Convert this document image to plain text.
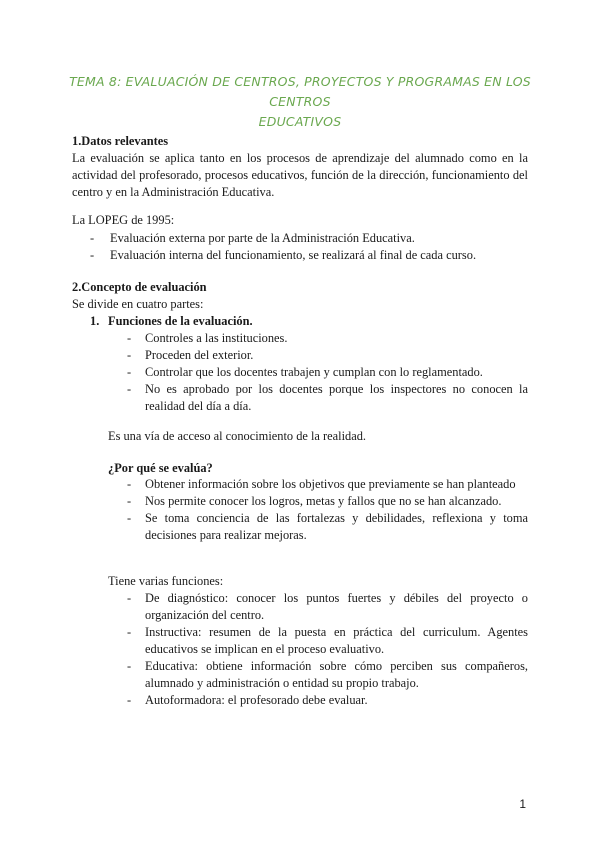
TEMA 8: EVALUACIÓN DE CENTROS, PROYECTOS Y PROGRAMAS EN LOS CENTROS
EDUCATIVOS
1.Datos relevantes

La evaluación se aplica tanto en los procesos de aprendizaje del alumnado como en la actividad del profesorado, procesos educativos, función de la dirección, funcionamiento del centro y en la Administración Educativa.

La LOPEG de 1995:
- Evaluación externa por parte de la Administración Educativa.
- Evaluación interna del funcionamiento, se realizará al final de cada curso.
2.Concepto de evaluación

Se divide en cuatro partes:

1. Funciones de la evaluación.
- Controles a las instituciones.
- Proceden del exterior.
- Controlar que los docentes trabajen y cumplan con lo reglamentado.
- No es aprobado por los docentes porque los inspectores no conocen la realidad del día a día.
Es una vía de acceso al conocimiento de la realidad.
¿Por qué se evalúa?
- Obtener información sobre los objetivos que previamente se han planteado
- Nos permite conocer los logros, metas y fallos que no se han alcanzado.
- Se toma conciencia de las fortalezas y debilidades, reflexiona y toma decisiones para realizar mejoras.
Tiene varias funciones:
- De diagnóstico: conocer los puntos fuertes y débiles del proyecto o organización del centro.
- Instructiva: resumen de la puesta en práctica del curriculum. Agentes educativos se implican en el proceso evaluativo.
- Educativa: obtiene información sobre cómo perciben sus compañeros, alumnado y administración o entidad su propio trabajo.
- Autoformadora: el profesorado debe evaluar.
1
